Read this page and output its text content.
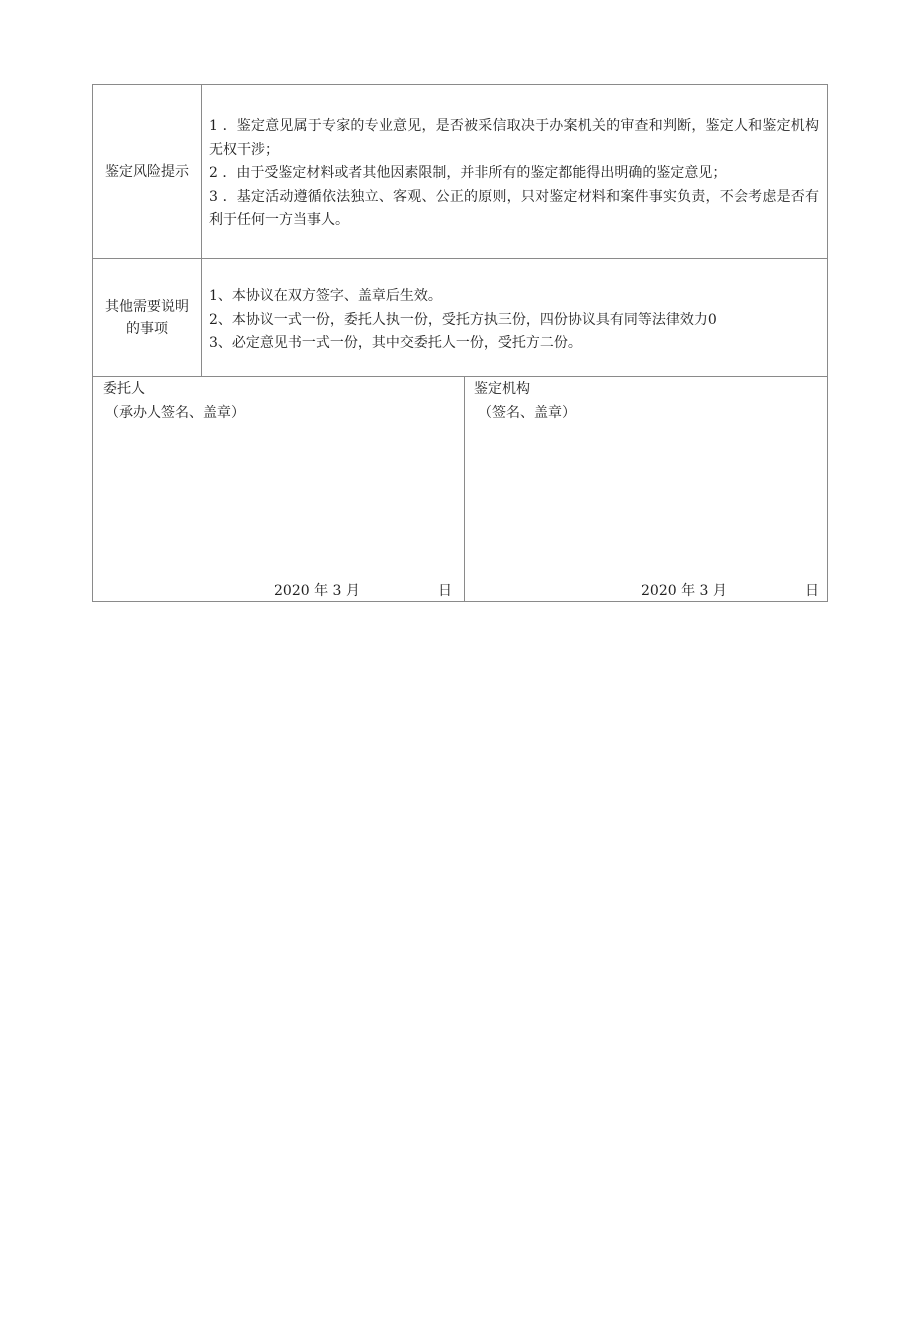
鉴定风险提示

1 ．鉴定意见属于专家的专业意见，是否被采信取决于办案机关的审查和判断，鉴定人和鉴定机构无权干涉；

2 ．由于受鉴定材料或者其他因素限制，并非所有的鉴定都能得出明确的鉴定意见；

3 ．基定活动遵循依法独立、客观、公正的原则，只对鉴定材料和案件事实负责，不会考虑是否有利于任何一方当事人。

其他需要说明
的事项

1、本协议在双方签字、盖章后生效。

2、本协议一式一份，委托人执一份，受托方执三份，四份协议具有同等法律效力0

3、必定意见书一式一份，其中交委托人一份，受托方二份。

委托人
（承办人签名、盖章）
2020 年 3 月	日
鉴定机构
（签名、盖章）
2020 年 3 月	日
